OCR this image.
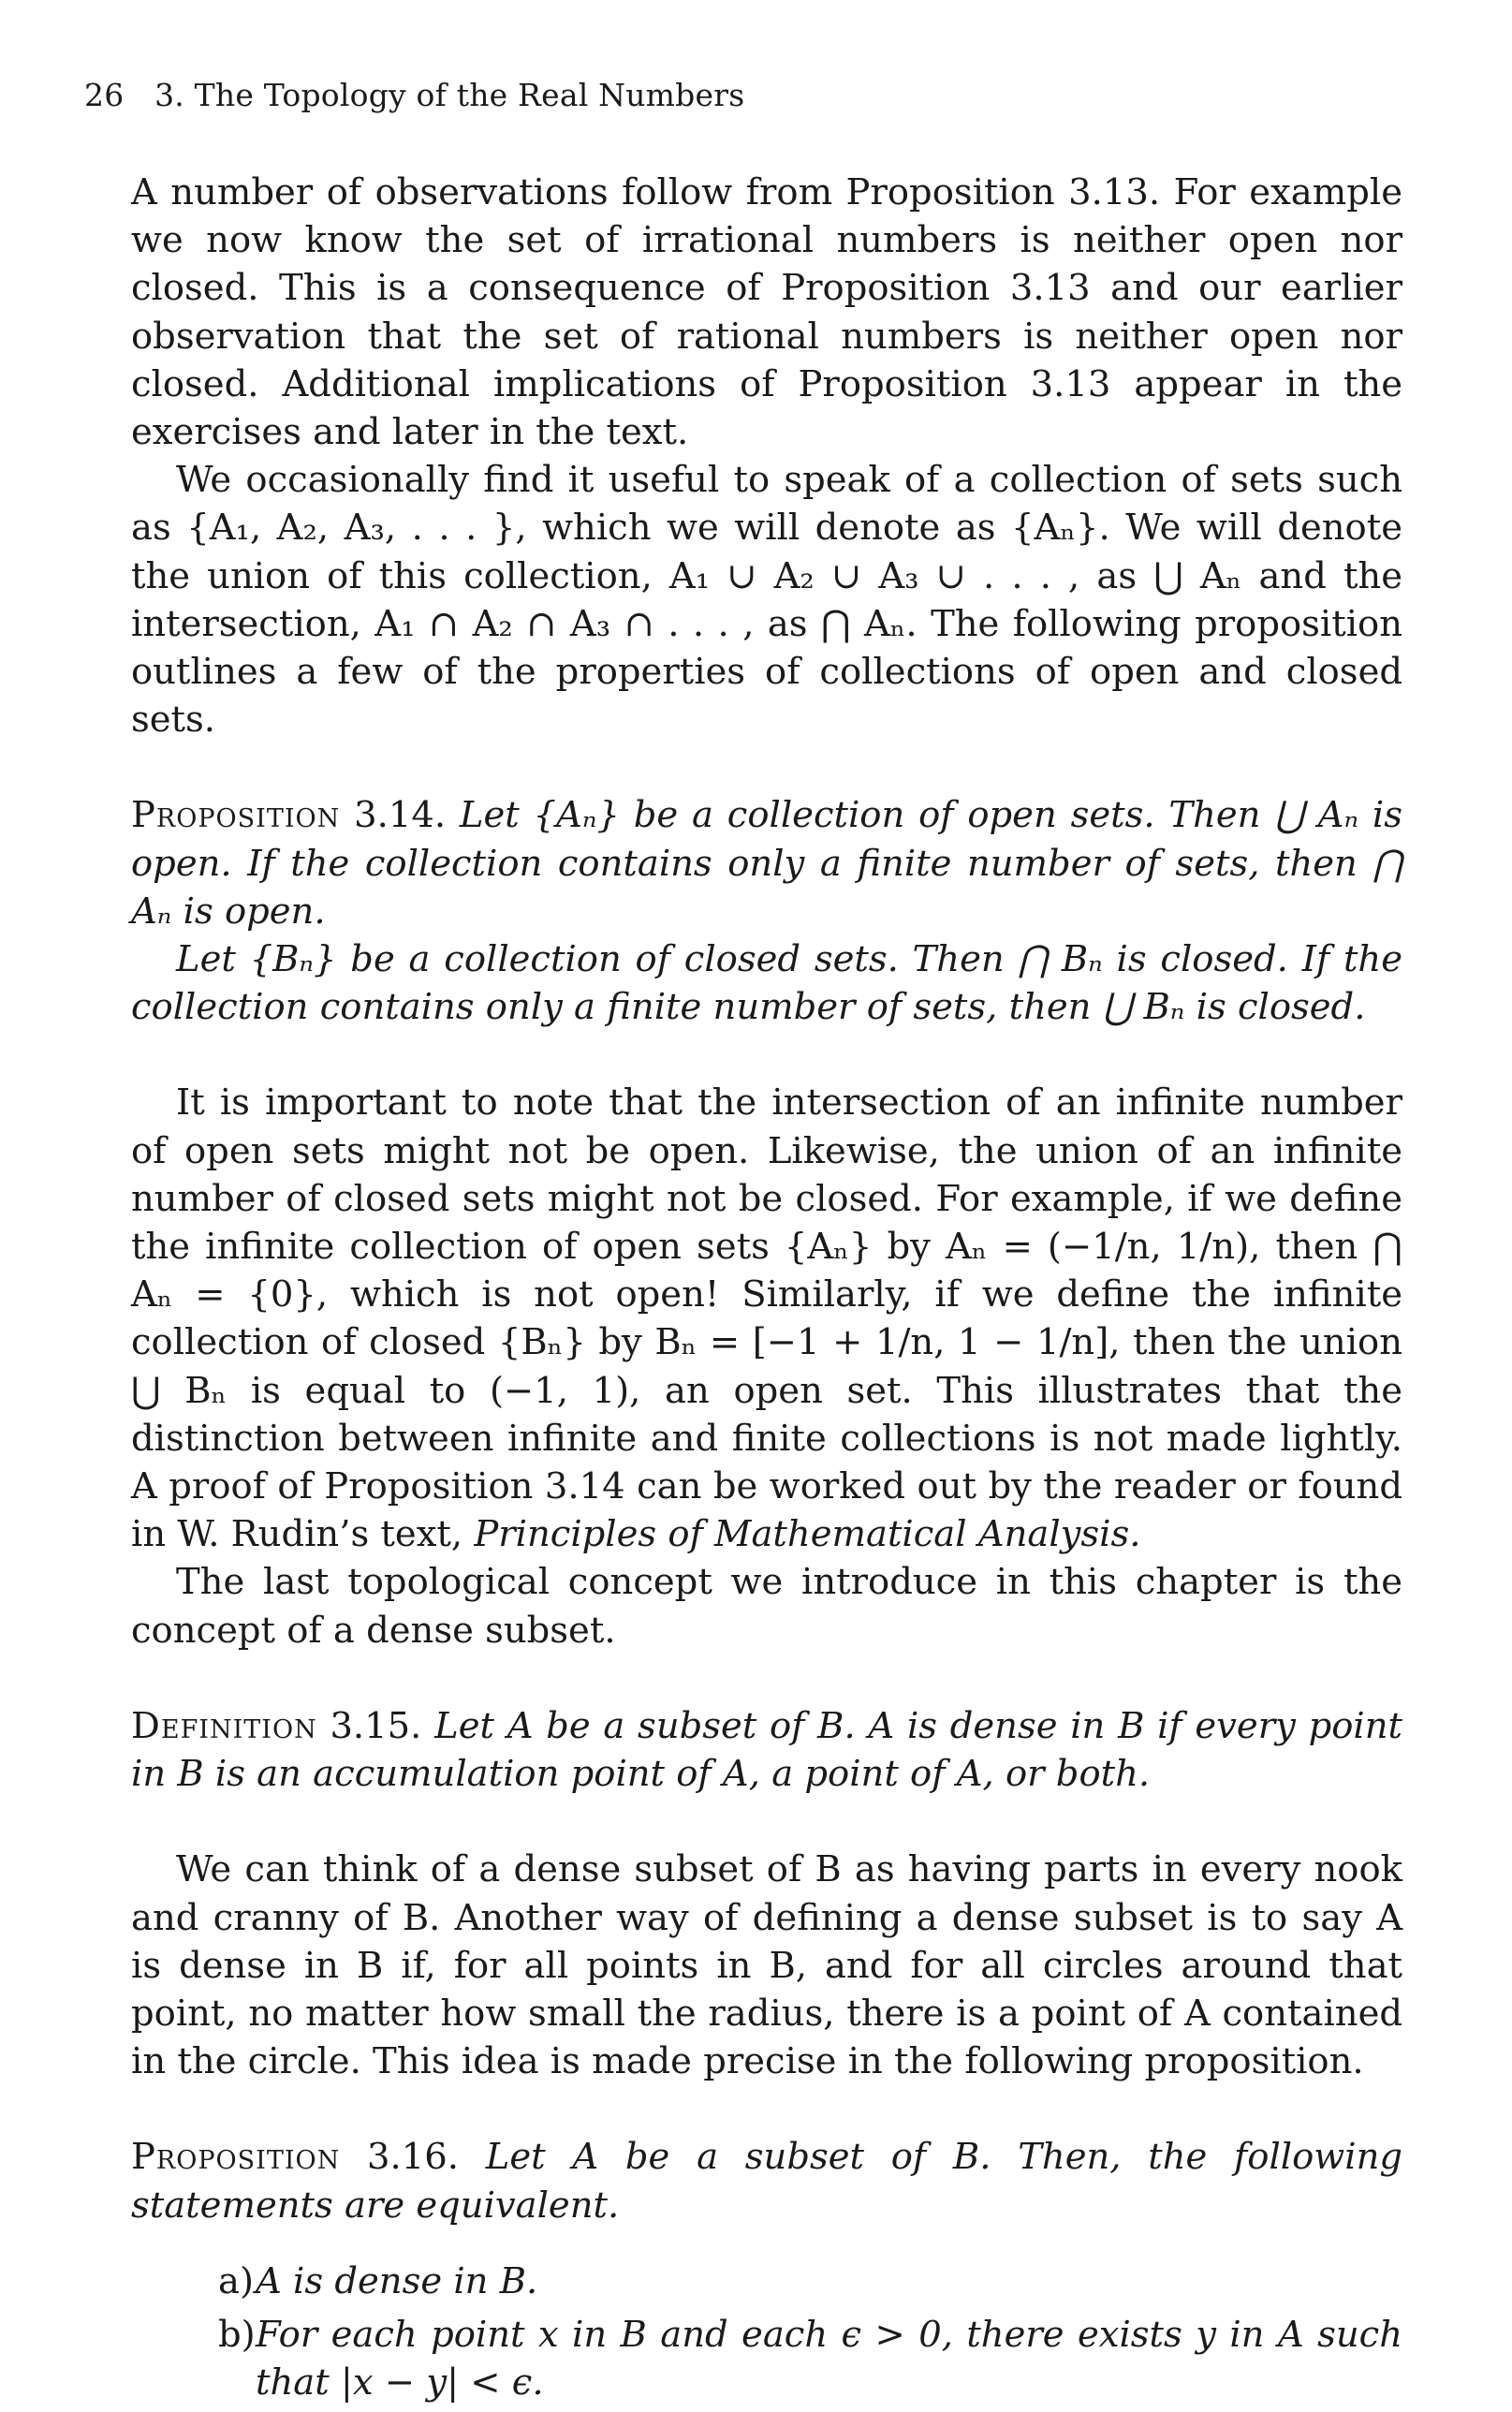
26 3. The Topology of the Real Numbers

A number of observations follow from Proposition 3.13. For example we now know the set of irrational numbers is neither open nor closed. This is a consequence of Proposition 3.13 and our earlier observation that the set of rational numbers is neither open nor closed. Additional implications of Proposition 3.13 appear in the exercises and later in the text.

We occasionally find it useful to speak of a collection of sets such as {A₁, A₂, A₃, . . . }, which we will denote as {Aₙ}. We will denote the union of this collection, A₁ ∪ A₂ ∪ A₃ ∪ . . . , as ⋃ Aₙ and the intersection, A₁ ∩ A₂ ∩ A₃ ∩ . . . , as ⋂ Aₙ. The following proposition outlines a few of the properties of collections of open and closed sets.

Proposition 3.14. Let {Aₙ} be a collection of open sets. Then ⋃ Aₙ is open. If the collection contains only a finite number of sets, then ⋂ Aₙ is open.

Let {Bₙ} be a collection of closed sets. Then ⋂ Bₙ is closed. If the collection contains only a finite number of sets, then ⋃ Bₙ is closed.

It is important to note that the intersection of an infinite number of open sets might not be open. Likewise, the union of an infinite number of closed sets might not be closed. For example, if we define the infinite collection of open sets {Aₙ} by Aₙ = (−1/n, 1/n), then ⋂ Aₙ = {0}, which is not open! Similarly, if we define the infinite collection of closed {Bₙ} by Bₙ = [−1 + 1/n, 1 − 1/n], then the union ⋃ Bₙ is equal to (−1, 1), an open set. This illustrates that the distinction between infinite and finite collections is not made lightly. A proof of Proposition 3.14 can be worked out by the reader or found in W. Rudin’s text, Principles of Mathematical Analysis.

The last topological concept we introduce in this chapter is the concept of a dense subset.

Definition 3.15. Let A be a subset of B. A is dense in B if every point in B is an accumulation point of A, a point of A, or both.

We can think of a dense subset of B as having parts in every nook and cranny of B. Another way of defining a dense subset is to say A is dense in B if, for all points in B, and for all circles around that point, no matter how small the radius, there is a point of A contained in the circle. This idea is made precise in the following proposition.

Proposition 3.16. Let A be a subset of B. Then, the following statements are equivalent.

a) A is dense in B.
b) For each point x in B and each ϵ > 0, there exists y in A such that |x − y| < ϵ.
